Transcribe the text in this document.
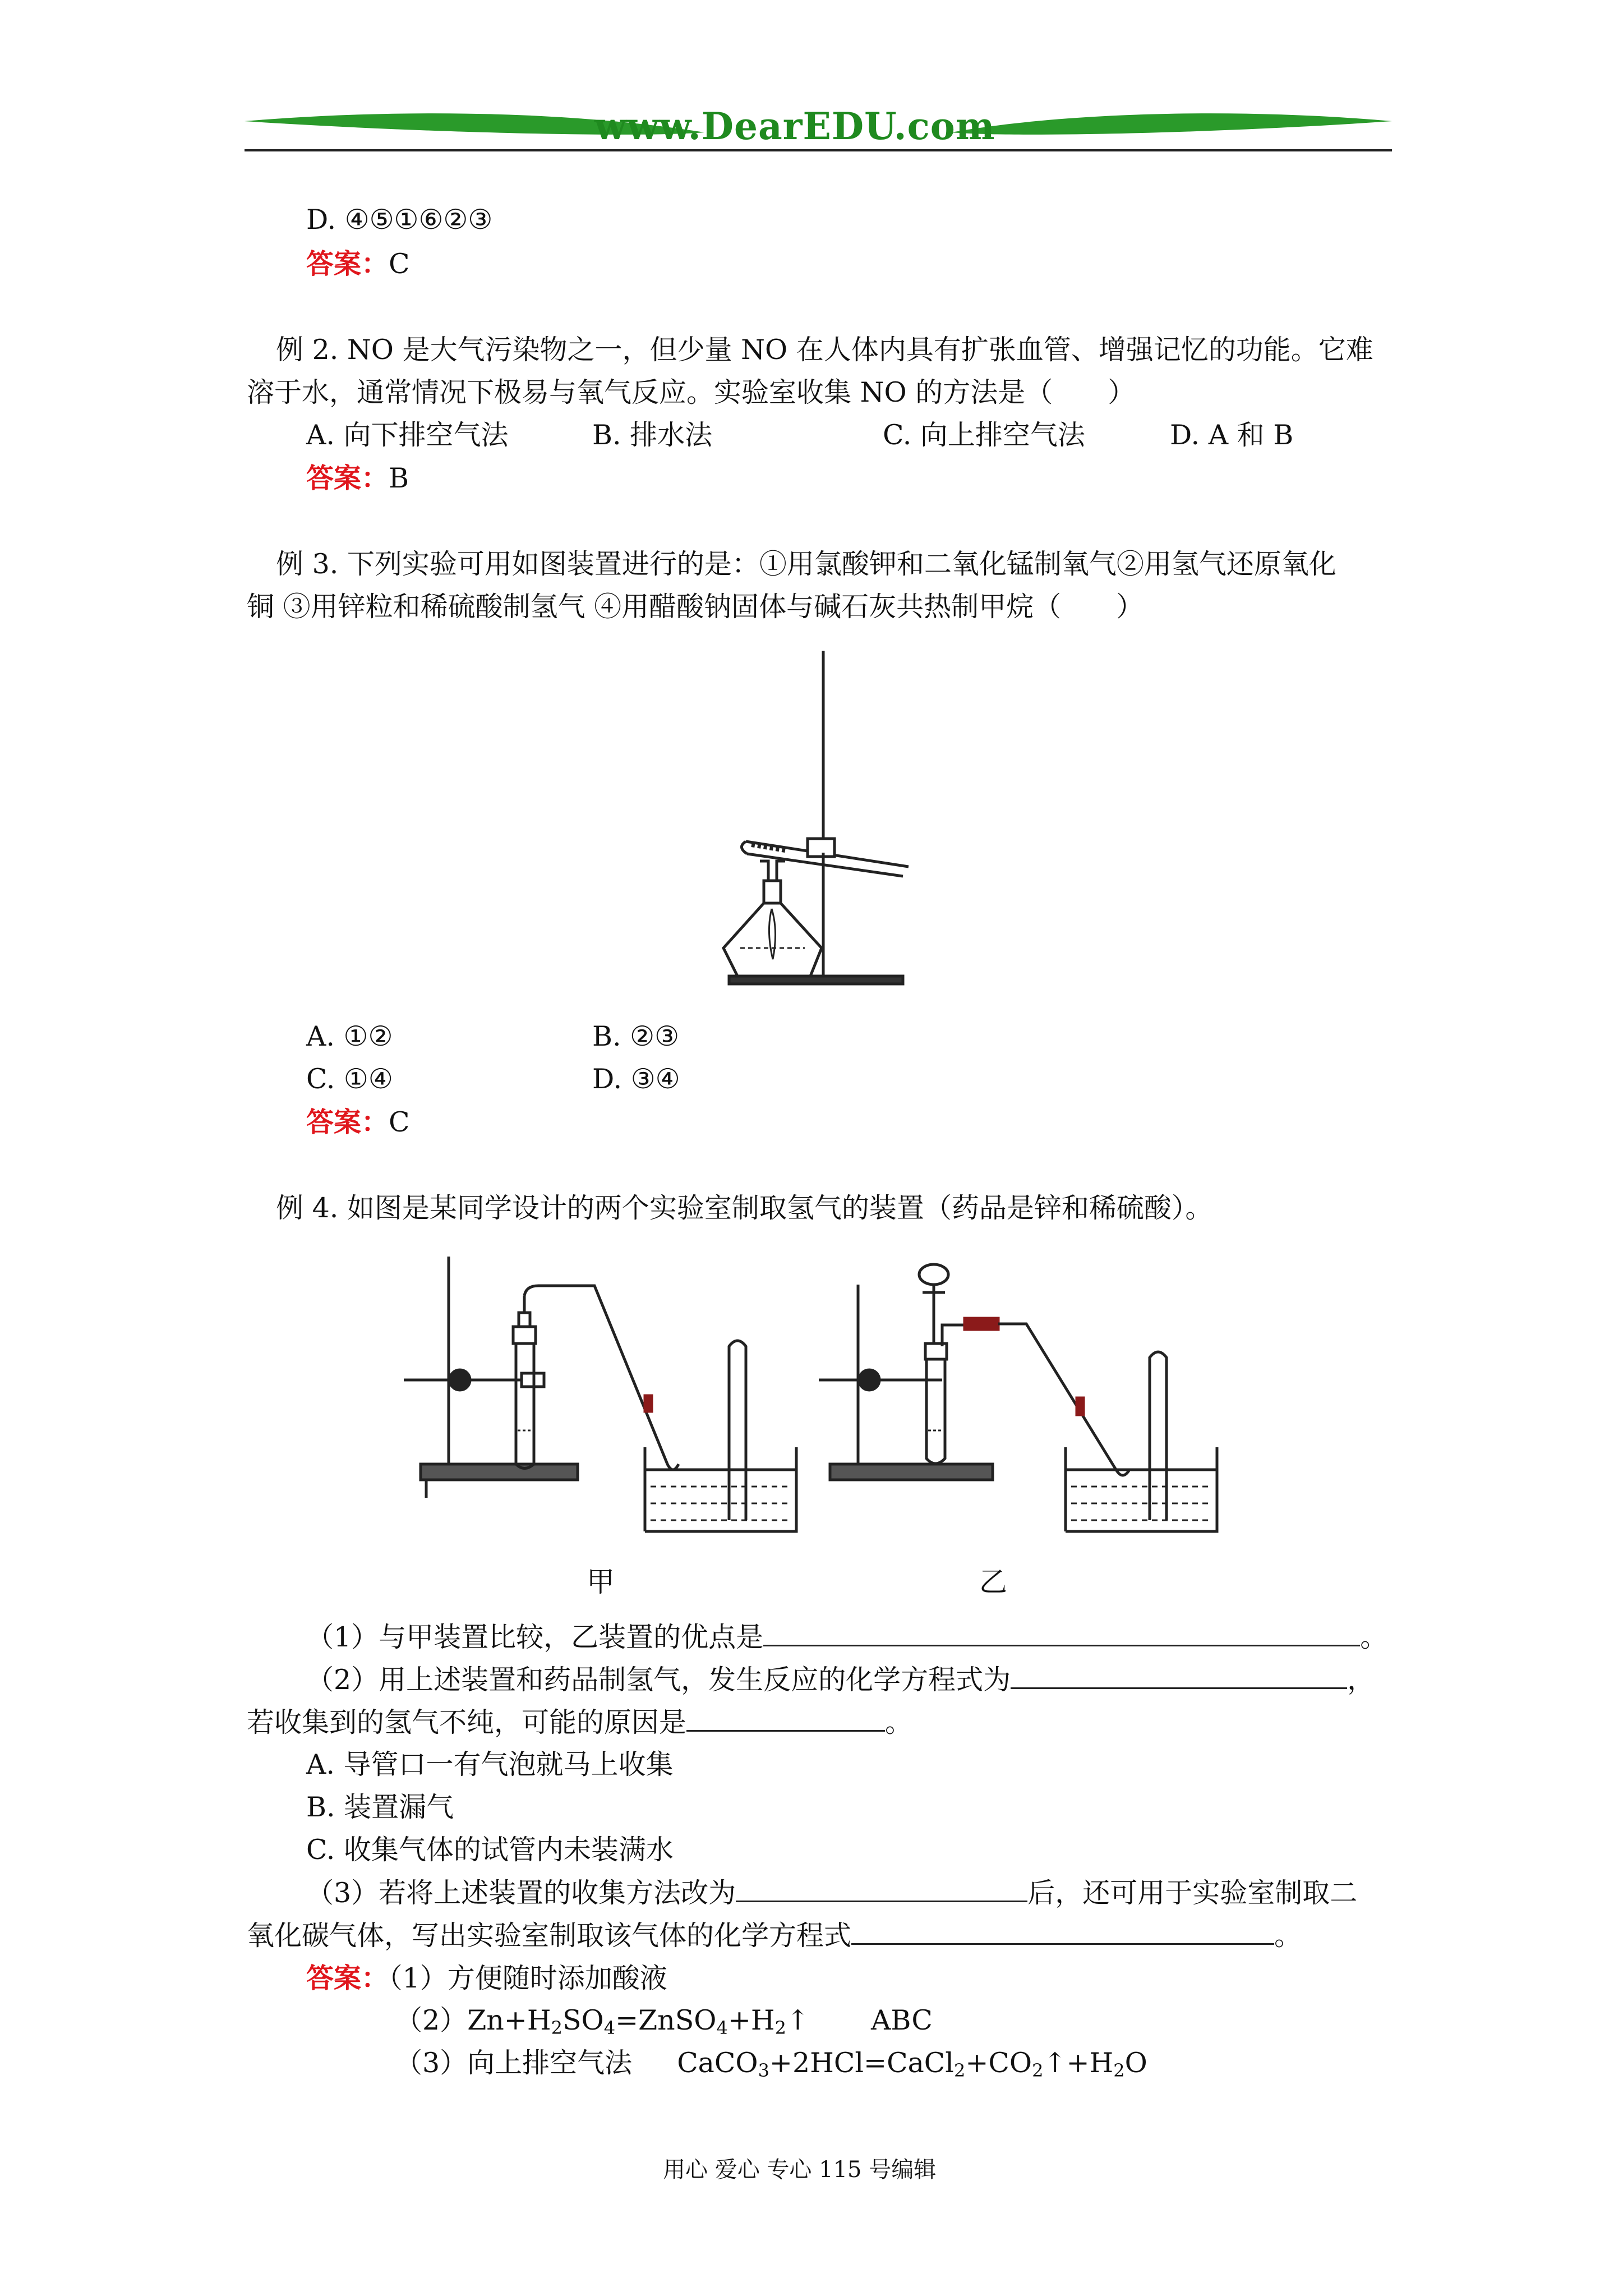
www.DearEDU.com
D. ④⑤①⑥②③
答案：C
例 2. NO 是大气污染物之一，但少量 NO 在人体内具有扩张血管、增强记忆的功能。它难
溶于水，通常情况下极易与氧气反应。实验室收集 NO 的方法是（　　）
A. 向下排空气法	B. 排水法	C. 向上排空气法	D. A 和 B
答案：B
例 3. 下列实验可用如图装置进行的是：①用氯酸钾和二氧化锰制氧气②用氢气还原氧化
铜 ③用锌粒和稀硫酸制氢气 ④用醋酸钠固体与碱石灰共热制甲烷（　　）
A. ①②	B. ②③
C. ①④	D. ③④
答案：C
例 4. 如图是某同学设计的两个实验室制取氢气的装置（药品是锌和稀硫酸）。
甲	乙
（1）与甲装置比较，乙装置的优点是	。
（2）用上述装置和药品制氢气，发生反应的化学方程式为	，
若收集到的氢气不纯，可能的原因是	。
A. 导管口一有气泡就马上收集
B. 装置漏气
C. 收集气体的试管内未装满水
（3）若将上述装置的收集方法改为	后，还可用于实验室制取二
氧化碳气体，写出实验室制取该气体的化学方程式	。
答案：（1）方便随时添加酸液
$(2)Zn+H_2SO_4=ZnSO_4+H_2↑$ ABC
（3）向上排空气法 $CaCO_3+2HCl=CaCl_2+CO_2↑+H_2O$
用心 爱心 专心 115 号编辑
